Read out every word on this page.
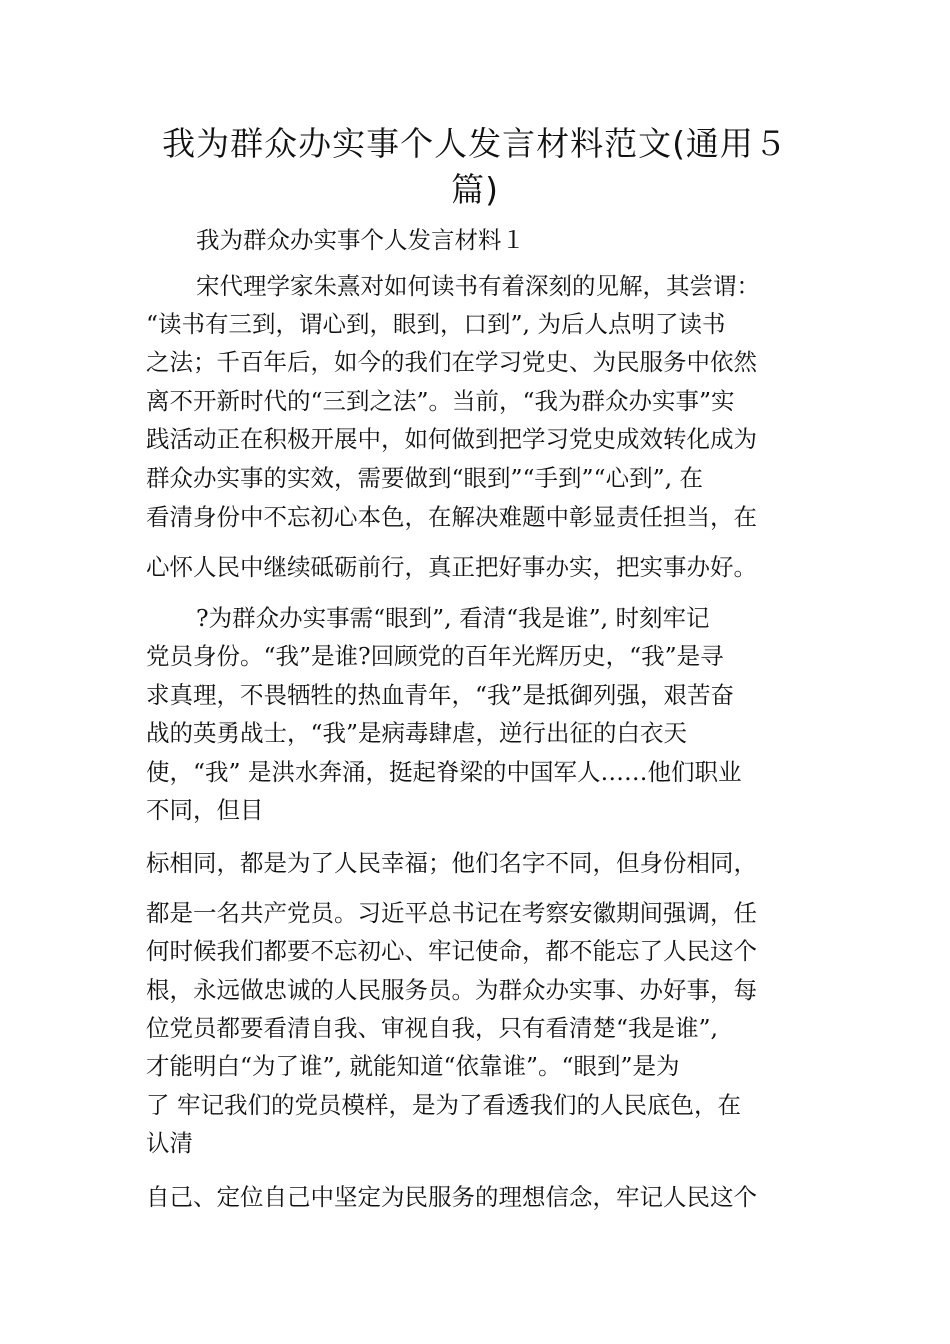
我为群众办实事个人发言材料范文(通用５
篇)
我为群众办实事个人发言材料１
宋代理学家朱熹对如何读书有着深刻的见解，其尝谓：
“读书有三到，谓心到，眼到，口到”, 为后人点明了读书
之法；千百年后，如今的我们在学习党史、为民服务中依然
离不开新时代的“三到之法”。当前，“我为群众办实事”实
践活动正在积极开展中，如何做到把学习党史成效转化成为
群众办实事的实效，需要做到“眼到”“手到”“心到”, 在
看清身份中不忘初心本色，在解决难题中彰显责任担当，在
心怀人民中继续砥砺前行，真正把好事办实，把实事办好。
?为群众办实事需“眼到”, 看清“我是谁”, 时刻牢记
党员身份。“我”是谁?回顾党的百年光辉历史，“我”是寻
求真理，不畏牺牲的热血青年，“我”是抵御列强，艰苦奋
战的英勇战士，“我”是病毒肆虐，逆行出征的白衣天
使，“我” 是洪水奔涌，挺起脊梁的中国军人……他们职业
不同，但目
标相同，都是为了人民幸福；他们名字不同，但身份相同，
都是一名共产党员。习近平总书记在考察安徽期间强调，任
何时候我们都要不忘初心、牢记使命，都不能忘了人民这个
根，永远做忠诚的人民服务员。为群众办实事、办好事，每
位党员都要看清自我、审视自我，只有看清楚“我是谁”,
才能明白“为了谁”, 就能知道“依靠谁”。“眼到”是为
了 牢记我们的党员模样，是为了看透我们的人民底色，在
认清
自己、定位自己中坚定为民服务的理想信念，牢记人民这个
